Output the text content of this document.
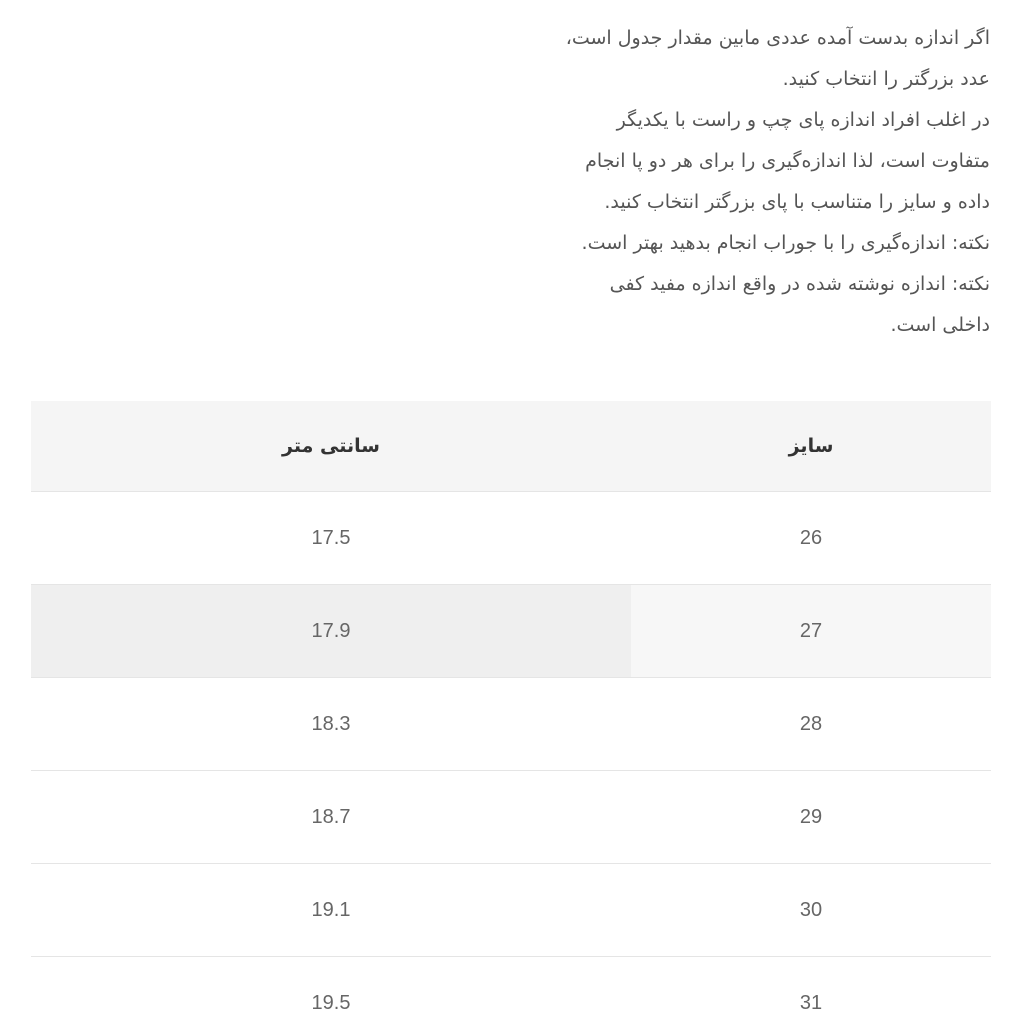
اگر اندازه بدست آمده عددی مابین مقدار جدول است،
عدد بزرگتر را انتخاب کنید.
در اغلب افراد اندازه پای چپ و راست با یکدیگر
متفاوت است، لذا اندازه‌گیری را برای هر دو پا انجام
داده و سایز را متناسب با پای بزرگتر انتخاب کنید.
نکته: اندازه‌گیری را با جوراب انجام بدهید بهتر است.
نکته: اندازه نوشته شده در واقع اندازه مفید کفی
داخلی است.
سایز	سانتی متر
26	17.5
27	17.9
28	18.3
29	18.7
30	19.1
31	19.5
